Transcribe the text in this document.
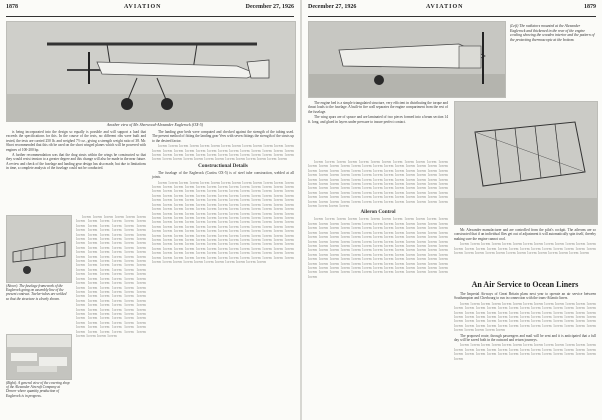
1878	AVIATION	December 27, 1926
Another view of Mr. Sherwood-Alexander Eaglerock (OX-5)

is being incorporated into the design so equally is possible and will support a load that exceeds the specifications for this. In the course of the tests, no different ribs were built and tested, the tests are carried 250 lb. and weighed 7½ oz., giving a strength weight ratio of 38. Mr. Short recommended that this rib be used on the short winged planes which will be powered with engines of 100-200 hp.

A further recommendation was that the drag struts within the wings be constructed so that they would resist tension to a greater degree and this change will also be made in the near future. A review and check of the fuselage and landing gear design has also made, but due to limitations in time, a complete analysis of the fuselage could not be conducted.

(Above). The fuselage framework of the Eaglerock going on assembly line of the present contract. Twelve-tubes are welded so that the structure is clearly shown.
(Right). A general view of the covering shop of the Alexander Aircraft Company at Denver where quantity production of Eaglerock is in progress.

lorem lorem lorem lorem lorem lorem lorem lorem lorem lorem lorem lorem lorem lorem lorem lorem lorem lorem lorem lorem lorem lorem lorem lorem lorem lorem lorem lorem lorem lorem lorem lorem lorem lorem lorem lorem lorem lorem lorem lorem lorem lorem lorem lorem lorem lorem lorem lorem lorem lorem lorem lorem lorem lorem lorem lorem lorem lorem lorem lorem lorem lorem lorem lorem lorem lorem lorem lorem lorem lorem lorem lorem lorem lorem lorem lorem lorem lorem lorem lorem lorem lorem lorem lorem lorem lorem lorem lorem lorem lorem lorem lorem lorem lorem lorem lorem lorem lorem lorem lorem lorem lorem lorem lorem lorem lorem lorem lorem lorem lorem lorem lorem lorem lorem lorem lorem lorem lorem lorem lorem lorem lorem lorem lorem lorem lorem lorem lorem lorem lorem lorem lorem lorem lorem lorem lorem lorem lorem lorem lorem lorem lorem lorem lorem lorem lorem lorem lorem lorem lorem lorem lorem lorem lorem lorem lorem lorem lorem lorem lorem lorem lorem lorem lorem lorem lorem

The landing gear beds were computed and checked against the strength of the tubing used. The present method of fitting the landing gear Vees with seven fittings the strength of the struts up to the desired factor.

lorem lorem lorem lorem lorem lorem lorem lorem lorem lorem lorem lorem lorem lorem lorem lorem lorem lorem lorem lorem lorem lorem lorem lorem lorem lorem lorem lorem lorem lorem lorem lorem lorem lorem lorem lorem lorem lorem lorem lorem lorem lorem lorem lorem lorem lorem lorem lorem lorem lorem lorem lorem

Constructional Details

The fuselage of the Eaglerock (Curtiss OX-5) is of steel tube construction, welded at all joints.

lorem lorem lorem lorem lorem lorem lorem lorem lorem lorem lorem lorem lorem lorem lorem lorem lorem lorem lorem lorem lorem lorem lorem lorem lorem lorem lorem lorem lorem lorem lorem lorem lorem lorem lorem lorem lorem lorem lorem lorem lorem lorem lorem lorem lorem lorem lorem lorem lorem lorem lorem lorem lorem lorem lorem lorem lorem lorem lorem lorem lorem lorem lorem lorem lorem lorem lorem lorem lorem lorem lorem lorem lorem lorem lorem lorem lorem lorem lorem lorem lorem lorem lorem lorem lorem lorem lorem lorem lorem lorem lorem lorem lorem lorem lorem lorem lorem lorem lorem lorem lorem lorem lorem lorem lorem lorem lorem lorem lorem lorem lorem lorem lorem lorem lorem lorem lorem lorem lorem lorem lorem lorem lorem lorem lorem lorem lorem lorem lorem lorem lorem lorem lorem lorem lorem lorem lorem lorem lorem lorem lorem lorem lorem lorem lorem lorem lorem lorem lorem lorem lorem lorem lorem lorem lorem lorem lorem lorem lorem lorem lorem lorem lorem lorem lorem lorem lorem lorem lorem lorem lorem lorem lorem lorem lorem lorem lorem lorem lorem lorem lorem lorem lorem lorem lorem lorem lorem lorem lorem lorem lorem lorem lorem lorem lorem lorem lorem lorem lorem lorem lorem lorem lorem lorem lorem lorem lorem lorem lorem lorem lorem lorem lorem lorem lorem lorem lorem lorem lorem lorem lorem lorem lorem lorem lorem lorem lorem lorem lorem lorem lorem lorem lorem lorem lorem lorem lorem lorem lorem lorem lorem lorem lorem lorem lorem

December 27, 1926	AVIATION	1879
(Left) The radiators mounted at the Alexander Eaglerock and thickened in the rear of the engine cowling showing the wooden interior and the pattern of the protecting thermoscopic at the bottom.

The engine bed is a simple triangulated structure, very efficient in distributing the torque and thrust loads to the fuselage. A built-in fire wall separates the engine compartment from the rest of the fuselage.

The wing spars are of spruce and are laminated of two pieces formed into a beam section 14 ft. long, and glued in layers under pressure to insure perfect contact.

lorem lorem lorem lorem lorem lorem lorem lorem lorem lorem lorem lorem lorem lorem lorem lorem lorem lorem lorem lorem lorem lorem lorem lorem lorem lorem lorem lorem lorem lorem lorem lorem lorem lorem lorem lorem lorem lorem lorem lorem lorem lorem lorem lorem lorem lorem lorem lorem lorem lorem lorem lorem lorem lorem lorem lorem lorem lorem lorem lorem lorem lorem lorem lorem lorem lorem lorem lorem lorem lorem lorem lorem lorem lorem lorem lorem lorem lorem lorem lorem lorem lorem lorem lorem lorem lorem lorem lorem lorem lorem lorem lorem lorem lorem lorem lorem lorem lorem lorem lorem lorem lorem lorem lorem lorem lorem lorem lorem lorem lorem lorem lorem lorem lorem lorem lorem lorem lorem lorem lorem lorem lorem lorem lorem lorem lorem lorem lorem lorem lorem lorem lorem lorem

Aileron Control

lorem lorem lorem lorem lorem lorem lorem lorem lorem lorem lorem lorem lorem lorem lorem lorem lorem lorem lorem lorem lorem lorem lorem lorem lorem lorem lorem lorem lorem lorem lorem lorem lorem lorem lorem lorem lorem lorem lorem lorem lorem lorem lorem lorem lorem lorem lorem lorem lorem lorem lorem lorem lorem lorem lorem lorem lorem lorem lorem lorem lorem lorem lorem lorem lorem lorem lorem lorem lorem lorem lorem lorem lorem lorem lorem lorem lorem lorem lorem lorem lorem lorem lorem lorem lorem lorem lorem lorem lorem lorem lorem lorem lorem lorem lorem lorem lorem lorem lorem lorem lorem lorem lorem lorem lorem lorem lorem lorem lorem lorem lorem lorem lorem lorem lorem lorem lorem lorem lorem lorem lorem lorem lorem lorem lorem lorem lorem lorem lorem lorem lorem lorem lorem lorem lorem lorem lorem lorem lorem lorem lorem lorem lorem lorem lorem lorem lorem lorem lorem lorem lorem lorem lorem lorem lorem lorem lorem lorem lorem lorem lorem lorem lorem lorem lorem lorem lorem lorem lorem

Mr. Alexander manufacturer and are controlled from the pilot's cockpit. The ailerons are so constructed that if an individual flies get out of adjustment it will automatically spin itself, thereby making sure the engine cannot cool.

lorem lorem lorem lorem lorem lorem lorem lorem lorem lorem lorem lorem lorem lorem lorem lorem lorem lorem lorem lorem lorem lorem lorem lorem lorem lorem lorem lorem lorem lorem lorem lorem lorem lorem lorem lorem lorem lorem lorem

An Air Service to Ocean Liners

The Imperial Airways of Great Britain plans next year to operate an air service between Southampton and Cherbourg to run in connection with the trans-Atlantic liners.

lorem lorem lorem lorem lorem lorem lorem lorem lorem lorem lorem lorem lorem lorem lorem lorem lorem lorem lorem lorem lorem lorem lorem lorem lorem lorem lorem lorem lorem lorem lorem lorem lorem lorem lorem lorem lorem lorem lorem lorem lorem lorem lorem lorem lorem lorem lorem lorem lorem lorem lorem lorem lorem lorem lorem lorem lorem lorem lorem lorem lorem lorem lorem lorem lorem lorem lorem lorem lorem lorem lorem lorem lorem lorem lorem lorem lorem lorem lorem lorem lorem lorem lorem

The proposed route, through passengers and mail will be sent and it is anticipated that a full day will be saved both in the outward and return journeys.

lorem lorem lorem lorem lorem lorem lorem lorem lorem lorem lorem lorem lorem lorem lorem lorem lorem lorem lorem lorem lorem lorem lorem lorem lorem lorem lorem lorem lorem lorem lorem lorem lorem lorem lorem lorem lorem lorem lorem lorem
